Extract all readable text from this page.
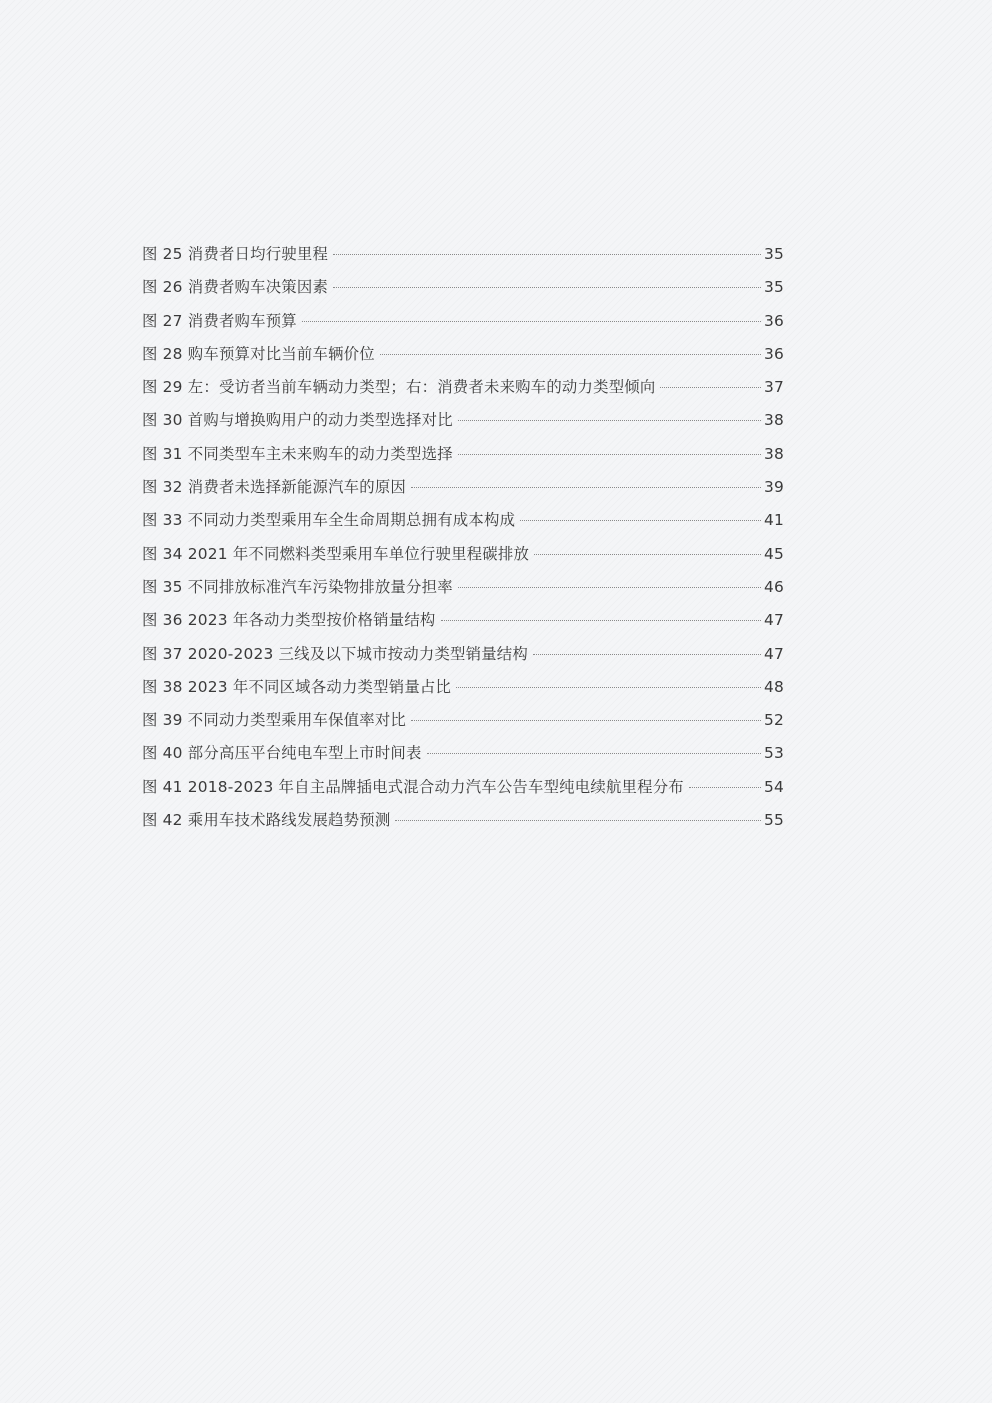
图 25 消费者日均行驶里程	35
图 26 消费者购车决策因素	35
图 27 消费者购车预算	36
图 28 购车预算对比当前车辆价位	36
图 29 左：受访者当前车辆动力类型；右：消费者未来购车的动力类型倾向	37
图 30 首购与增换购用户的动力类型选择对比	38
图 31 不同类型车主未来购车的动力类型选择	38
图 32 消费者未选择新能源汽车的原因	39
图 33 不同动力类型乘用车全生命周期总拥有成本构成	41
图 34 2021 年不同燃料类型乘用车单位行驶里程碳排放	45
图 35 不同排放标准汽车污染物排放量分担率	46
图 36 2023 年各动力类型按价格销量结构	47
图 37 2020-2023 三线及以下城市按动力类型销量结构	47
图 38 2023 年不同区域各动力类型销量占比	48
图 39 不同动力类型乘用车保值率对比	52
图 40 部分高压平台纯电车型上市时间表	53
图 41 2018-2023 年自主品牌插电式混合动力汽车公告车型纯电续航里程分布	54
图 42 乘用车技术路线发展趋势预测	55
